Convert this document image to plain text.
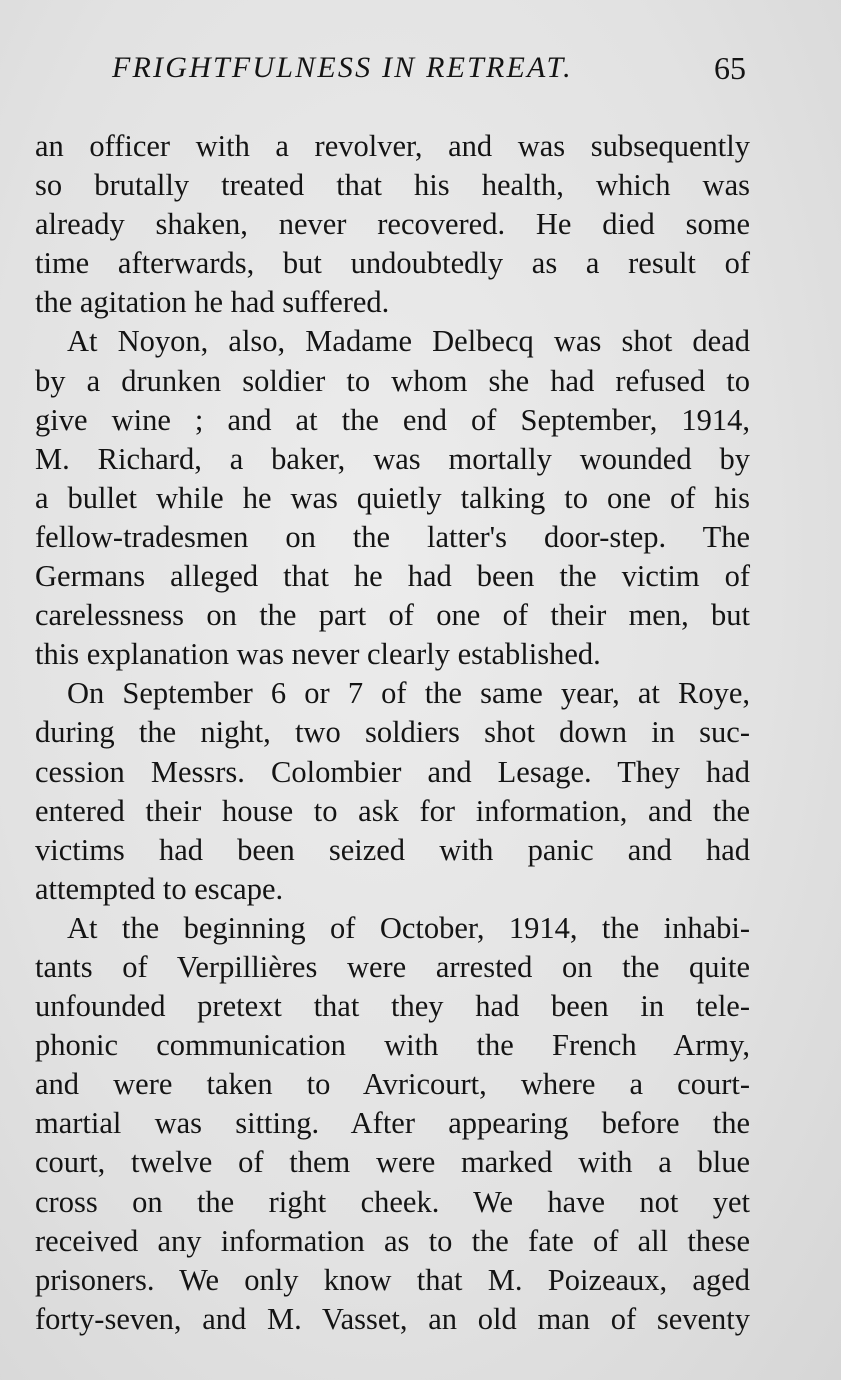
FRIGHTFULNESS IN RETREAT.	65
an officer with a revolver, and was subsequently
so brutally treated that his health, which was
already shaken, never recovered. He died some
time afterwards, but undoubtedly as a result of
the agitation he had suffered.
At Noyon, also, Madame Delbecq was shot dead
by a drunken soldier to whom she had refused to
give wine ; and at the end of September, 1914,
M. Richard, a baker, was mortally wounded by
a bullet while he was quietly talking to one of his
fellow-tradesmen on the latter's door-step. The
Germans alleged that he had been the victim of
carelessness on the part of one of their men, but
this explanation was never clearly established.
On September 6 or 7 of the same year, at Roye,
during the night, two soldiers shot down in suc-
cession Messrs. Colombier and Lesage. They had
entered their house to ask for information, and the
victims had been seized with panic and had
attempted to escape.
At the beginning of October, 1914, the inhabi-
tants of Verpillières were arrested on the quite
unfounded pretext that they had been in tele-
phonic communication with the French Army,
and were taken to Avricourt, where a court-
martial was sitting. After appearing before the
court, twelve of them were marked with a blue
cross on the right cheek. We have not yet
received any information as to the fate of all these
prisoners. We only know that M. Poizeaux, aged
forty-seven, and M. Vasset, an old man of seventy
